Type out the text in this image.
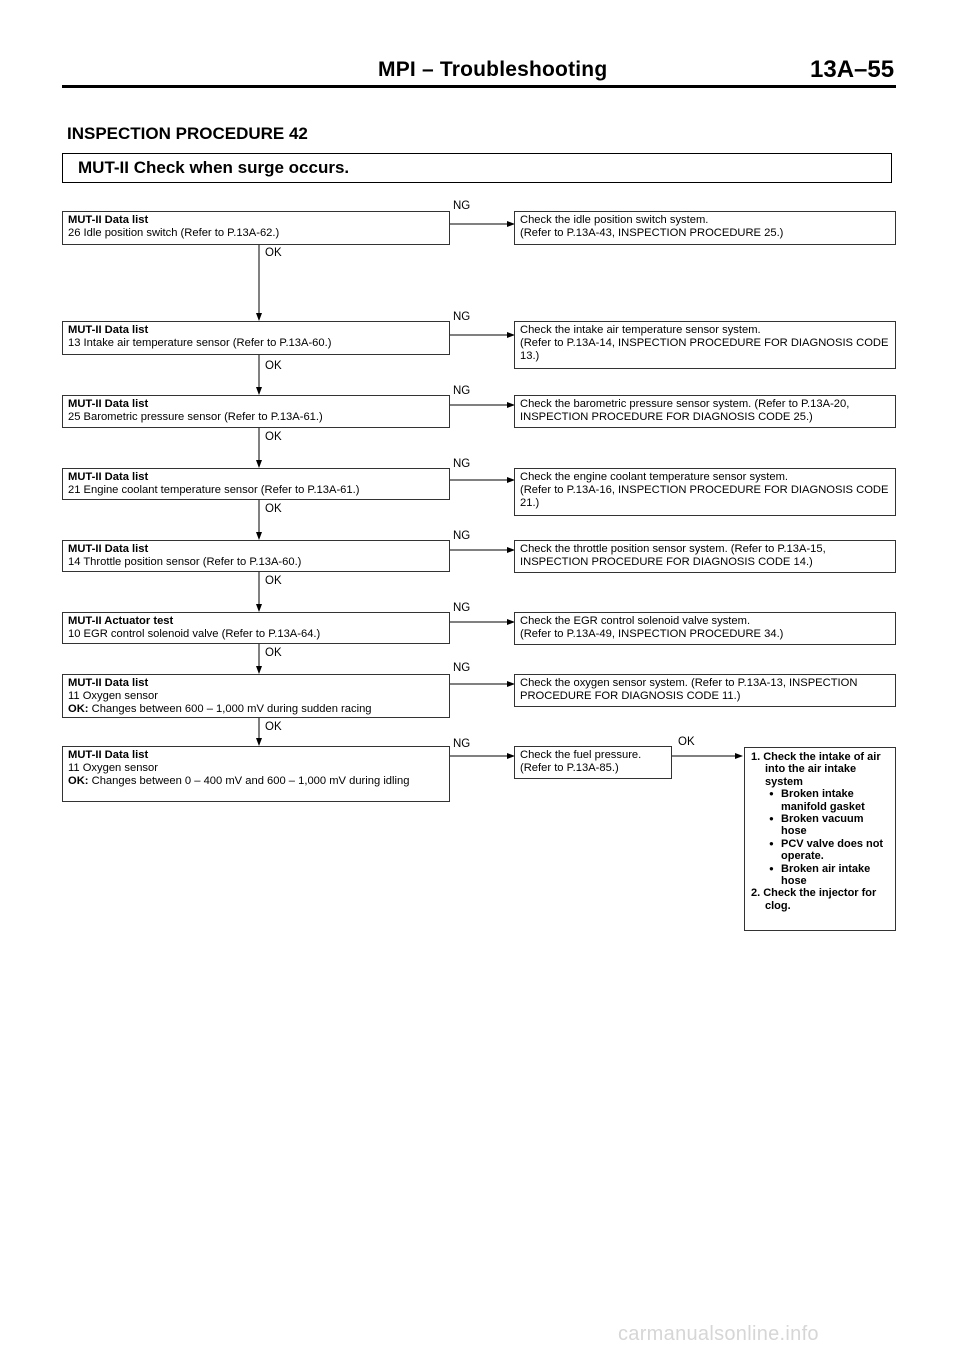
MPI – Troubleshooting	13A–55
INSPECTION PROCEDURE 42
MUT-II Check when surge occurs.
MUT-II Data list
26 Idle position switch (Refer to P.13A-62.)
Check the idle position switch system.
(Refer to P.13A-43, INSPECTION PROCEDURE 25.)
MUT-II Data list
13 Intake air temperature sensor (Refer to P.13A-60.)
Check the intake air temperature sensor system.
(Refer to P.13A-14, INSPECTION PROCEDURE FOR DIAGNOSIS CODE 13.)
MUT-II Data list
25 Barometric pressure sensor (Refer to P.13A-61.)
Check the barometric pressure sensor system. (Refer to P.13A-20, INSPECTION PROCEDURE FOR DIAGNOSIS CODE 25.)
MUT-II Data list
21 Engine coolant temperature sensor (Refer to P.13A-61.)
Check the engine coolant temperature sensor system.
(Refer to P.13A-16, INSPECTION PROCEDURE FOR DIAGNOSIS CODE 21.)
MUT-II Data list
14 Throttle position sensor (Refer to P.13A-60.)
Check the throttle position sensor system. (Refer to P.13A-15, INSPECTION PROCEDURE FOR DIAGNOSIS CODE 14.)
MUT-II Actuator test
10 EGR control solenoid valve (Refer to P.13A-64.)
Check the EGR control solenoid valve system.
(Refer to P.13A-49, INSPECTION PROCEDURE 34.)
MUT-II Data list
11 Oxygen sensor
OK: Changes between 600 – 1,000 mV during sudden racing
Check the oxygen sensor system. (Refer to P.13A-13, INSPECTION PROCEDURE FOR DIAGNOSIS CODE 11.)
MUT-II Data list
11 Oxygen sensor
OK: Changes between 0 – 400 mV and 600 – 1,000 mV during idling
Check the fuel pressure.
(Refer to P.13A-85.)
1. Check the intake of air into the air intake system
● Broken intake manifold gasket
● Broken vacuum hose
● PCV valve does not operate.
● Broken air intake hose
2. Check the injector for clog.
NG
NG
NG
NG
NG
NG
NG
NG
OK
OK
OK
OK
OK
OK
OK
OK
carmanualsonline.info
